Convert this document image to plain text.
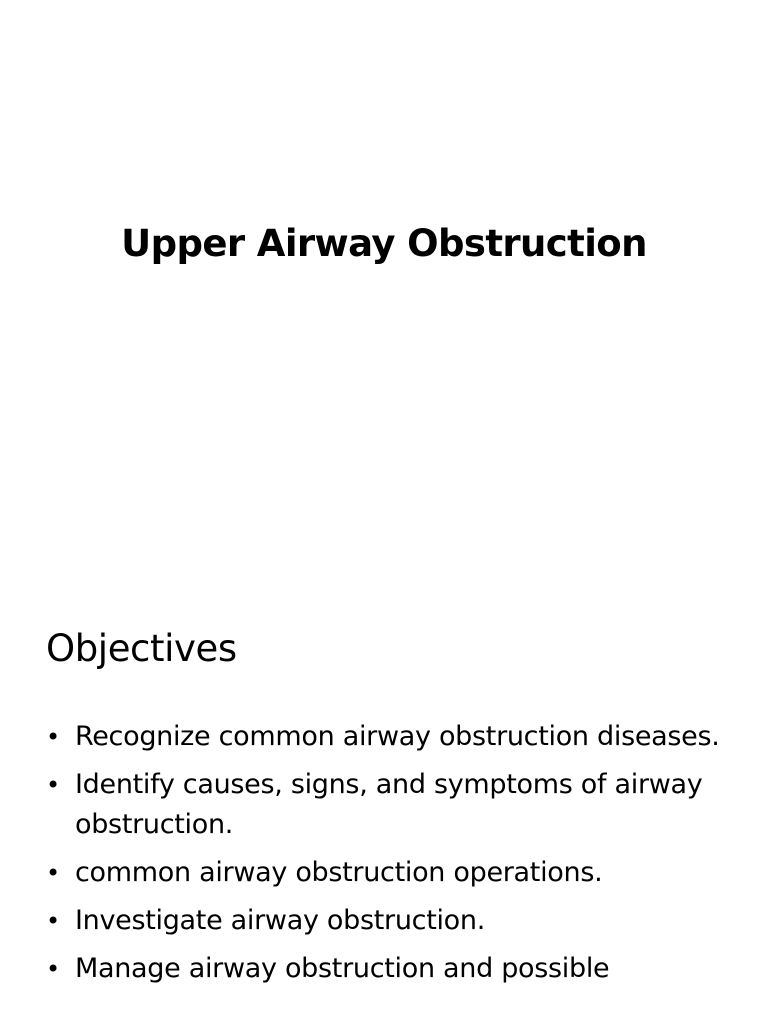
Upper Airway Obstruction
Objectives
• Recognize common airway obstruction diseases.
• Identify causes, signs, and symptoms of airway obstruction.
• common airway obstruction operations.
• Investigate airway obstruction.
• Manage airway obstruction and possible
